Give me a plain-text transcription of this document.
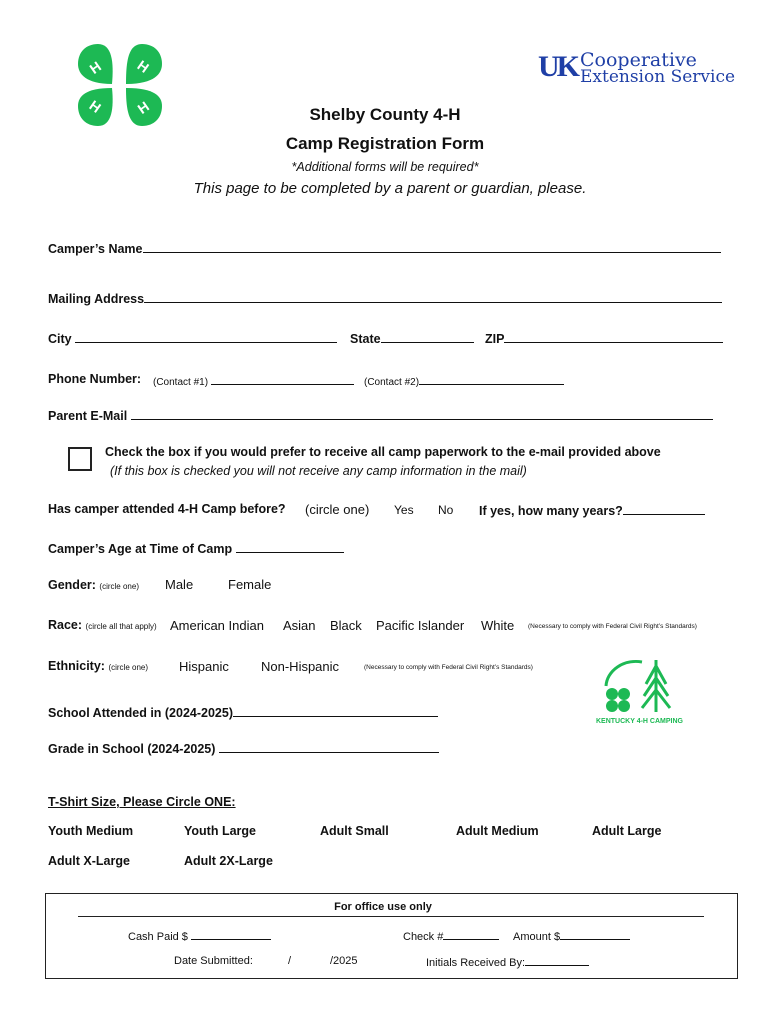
H H
H H
UK Cooperative
Extension Service
Shelby County 4-H
Camp Registration Form
*Additional forms will be required*
This page to be completed by a parent or guardian, please.
Camper’s Name
Mailing Address
City	State	ZIP
Phone Number: (Contact #1)	(Contact #2)
Parent E-Mail
Check the box if you would prefer to receive all camp paperwork to the e-mail provided above
(If this box is checked you will not receive any camp information in the mail)
Has camper attended 4-H Camp before? (circle one) Yes No If yes, how many years?
Camper’s Age at Time of Camp
Gender: (circle one) Male	Female
Race: (circle all that apply) American Indian Asian Black Pacific Islander White (Necessary to comply with Federal Civil Right’s Standards)
Ethnicity: (circle one) Hispanic Non-Hispanic	(Necessary to comply with Federal Civil Right’s Standards)
KENTUCKY 4-H CAMPING
School Attended in (2024-2025)
Grade in School (2024-2025)
T-Shirt Size, Please Circle ONE:
Youth Medium	Youth Large	Adult Small	Adult Medium	Adult Large
Adult X-Large	Adult 2X-Large
For office use only
Cash Paid $	Check #	Amount $
Date Submitted:	/	/2025	Initials Received By:
